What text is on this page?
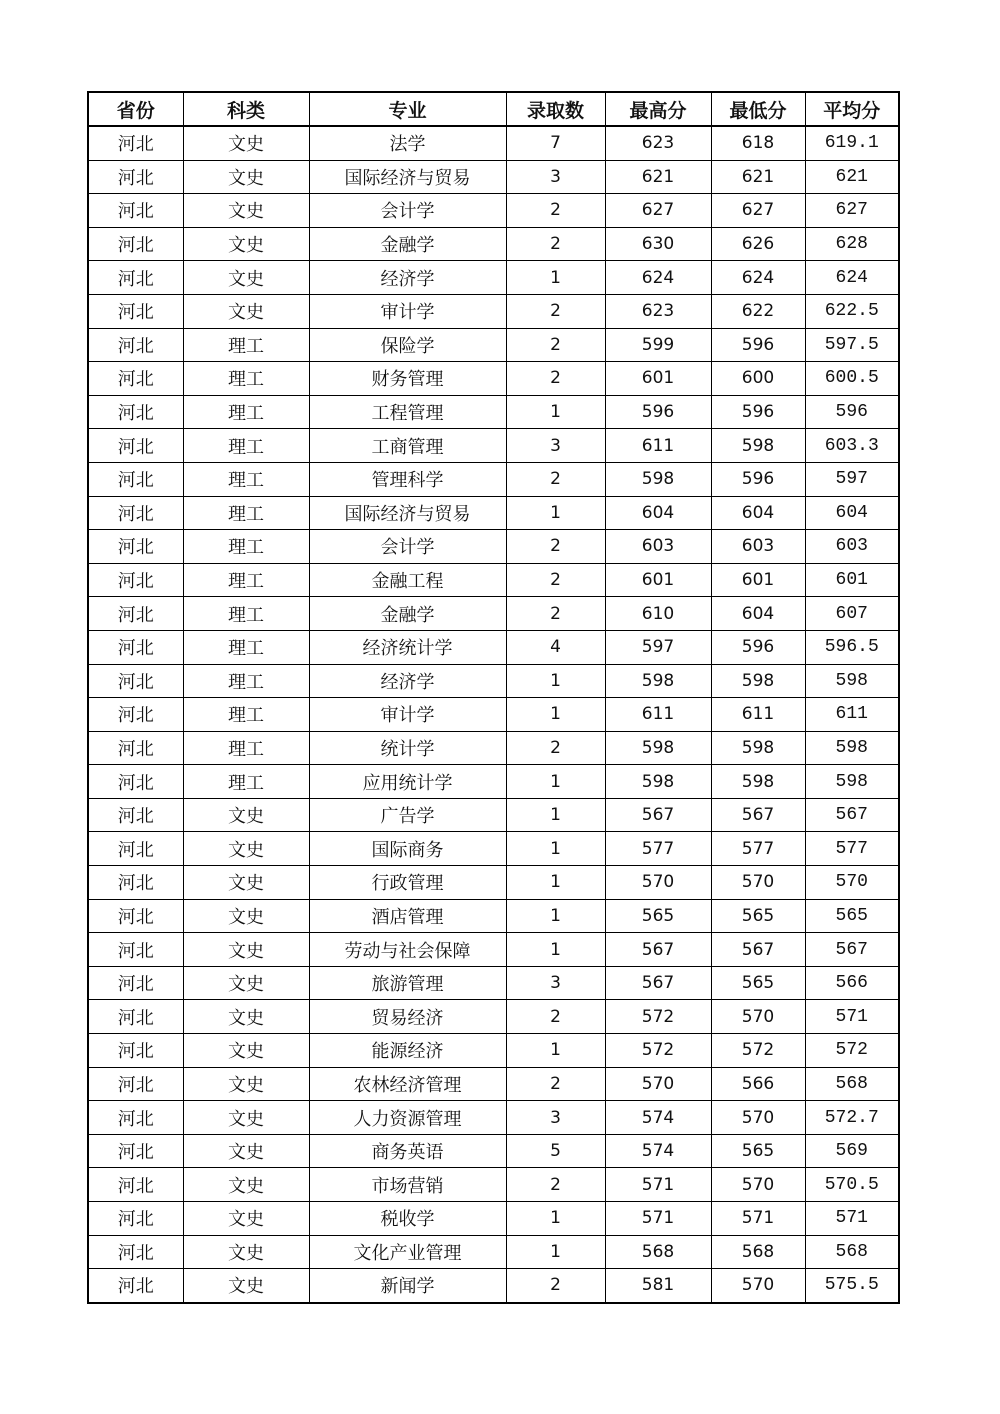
省份	科类	专业	录取数	最高分	最低分	平均分
河北	文史	法学	7	623	618	619.1
河北	文史	国际经济与贸易	3	621	621	621
河北	文史	会计学	2	627	627	627
河北	文史	金融学	2	630	626	628
河北	文史	经济学	1	624	624	624
河北	文史	审计学	2	623	622	622.5
河北	理工	保险学	2	599	596	597.5
河北	理工	财务管理	2	601	600	600.5
河北	理工	工程管理	1	596	596	596
河北	理工	工商管理	3	611	598	603.3
河北	理工	管理科学	2	598	596	597
河北	理工	国际经济与贸易	1	604	604	604
河北	理工	会计学	2	603	603	603
河北	理工	金融工程	2	601	601	601
河北	理工	金融学	2	610	604	607
河北	理工	经济统计学	4	597	596	596.5
河北	理工	经济学	1	598	598	598
河北	理工	审计学	1	611	611	611
河北	理工	统计学	2	598	598	598
河北	理工	应用统计学	1	598	598	598
河北	文史	广告学	1	567	567	567
河北	文史	国际商务	1	577	577	577
河北	文史	行政管理	1	570	570	570
河北	文史	酒店管理	1	565	565	565
河北	文史	劳动与社会保障	1	567	567	567
河北	文史	旅游管理	3	567	565	566
河北	文史	贸易经济	2	572	570	571
河北	文史	能源经济	1	572	572	572
河北	文史	农林经济管理	2	570	566	568
河北	文史	人力资源管理	3	574	570	572.7
河北	文史	商务英语	5	574	565	569
河北	文史	市场营销	2	571	570	570.5
河北	文史	税收学	1	571	571	571
河北	文史	文化产业管理	1	568	568	568
河北	文史	新闻学	2	581	570	575.5
